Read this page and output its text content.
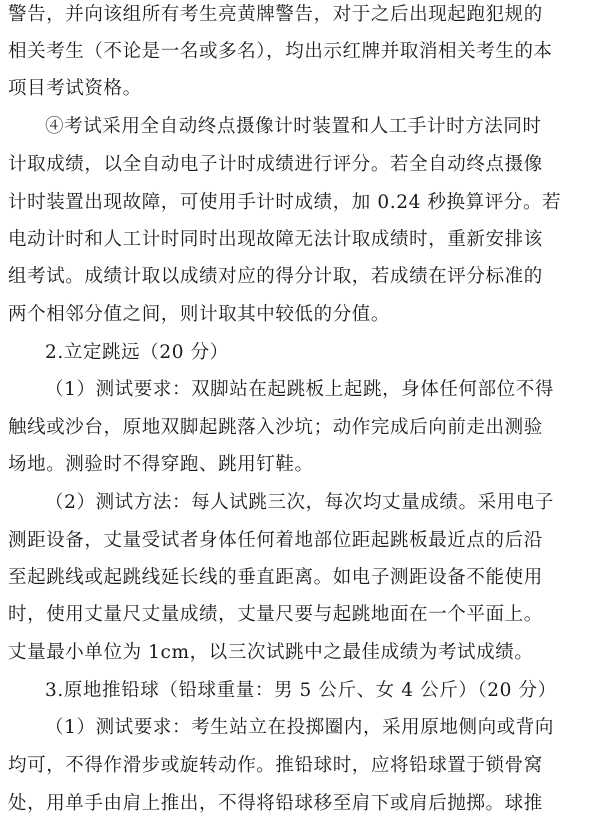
警告，并向该组所有考生亮黄牌警告，对于之后出现起跑犯规的
相关考生（不论是一名或多名），均出示红牌并取消相关考生的本
项目考试资格。
④考试采用全自动终点摄像计时装置和人工手计时方法同时
计取成绩，以全自动电子计时成绩进行评分。若全自动终点摄像
计时装置出现故障，可使用手计时成绩，加 0.24 秒换算评分。若
电动计时和人工计时同时出现故障无法计取成绩时，重新安排该
组考试。成绩计取以成绩对应的得分计取，若成绩在评分标准的
两个相邻分值之间，则计取其中较低的分值。
2.立定跳远（20 分）
（1）测试要求：双脚站在起跳板上起跳，身体任何部位不得
触线或沙台，原地双脚起跳落入沙坑；动作完成后向前走出测验
场地。测验时不得穿跑、跳用钉鞋。
（2）测试方法：每人试跳三次，每次均丈量成绩。采用电子
测距设备，丈量受试者身体任何着地部位距起跳板最近点的后沿
至起跳线或起跳线延长线的垂直距离。如电子测距设备不能使用
时，使用丈量尺丈量成绩，丈量尺要与起跳地面在一个平面上。
丈量最小单位为 1cm，以三次试跳中之最佳成绩为考试成绩。
3.原地推铅球（铅球重量：男 5 公斤、女 4 公斤）（20 分）
（1）测试要求：考生站立在投掷圈内，采用原地侧向或背向
均可，不得作滑步或旋转动作。推铅球时，应将铅球置于锁骨窝
处，用单手由肩上推出，不得将铅球移至肩下或肩后抛掷。球推
